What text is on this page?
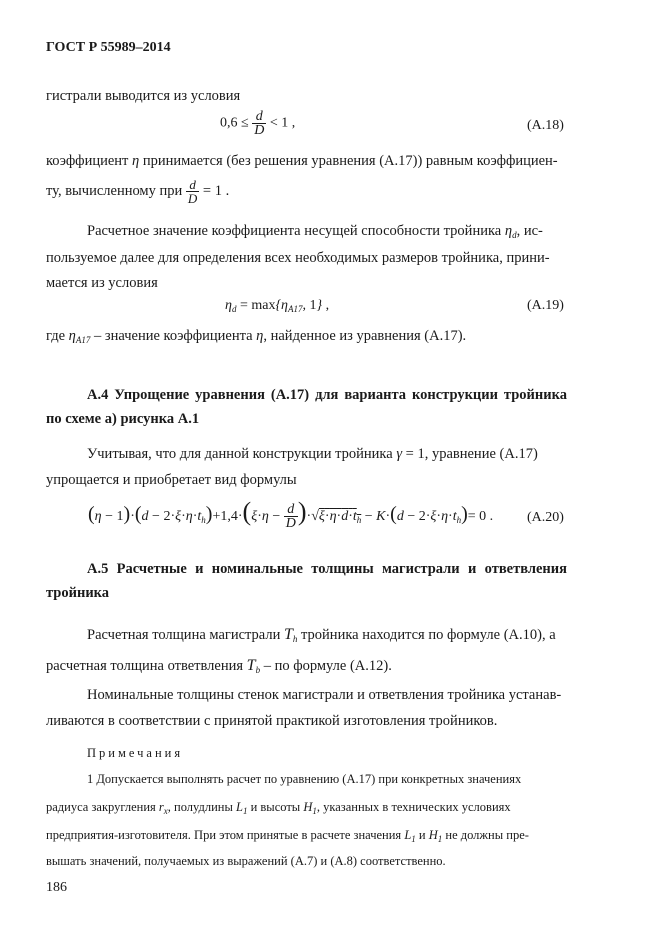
ГОСТ Р 55989–2014
гистрали выводится из условия
$0,6 \le \frac{d}{D} < 1$ ,	(А.18)
коэффициент η принимается (без решения уравнения (А.17)) равным коэффициен-
ту, вычисленному при $\frac{d}{D} = 1$ .
Расчетное значение коэффициента несущей способности тройника $\eta_d$, ис-
пользуемое далее для определения всех необходимых размеров тройника, прини-
мается из условия
$\eta_d = \max\{\eta_{A17}$, 1} ,	(А.19)
где $\eta_{A17}$ – значение коэффициента η, найденное из уравнения (А.17).
А.4 Упрощение уравнения (А.17) для варианта конструкции тройника по схеме а) рисунка А.1
Учитывая, что для данной конструкции тройника γ = 1, уравнение (А.17)
упрощается и приобретает вид формулы
$(\eta - 1)\cdot(d - 2\cdot\xi\cdot\eta\cdot t_h)+1,4\cdot(\xi\cdot\eta - \frac{d}{D} )\cdot√\xi\cdot\eta\cdot d\cdot t_h - K\cdot(d - 2\cdot\xi\cdot\eta\cdot t_h)= 0$ . (А.20)
А.5 Расчетные и номинальные толщины магистрали и ответвления тройника
Расчетная толщина магистрали $T_h$ тройника находится по формуле (А.10), а
расчетная толщина ответвления $T_b$ – по формуле (А.12).
Номинальные толщины стенок магистрали и ответвления тройника устанав-
ливаются в соответствии с принятой практикой изготовления тройников.
Примечания
1 Допускается выполнять расчет по уравнению (А.17) при конкретных значениях
радиуса закругления $r_x$, полудлины $L_1$ и высоты $H_1$, указанных в технических условиях
предприятия-изготовителя. При этом принятые в расчете значения $L_1$ и $H_1$ не должны пре-
вышать значений, получаемых из выражений (А.7) и (А.8) соответственно.
186
